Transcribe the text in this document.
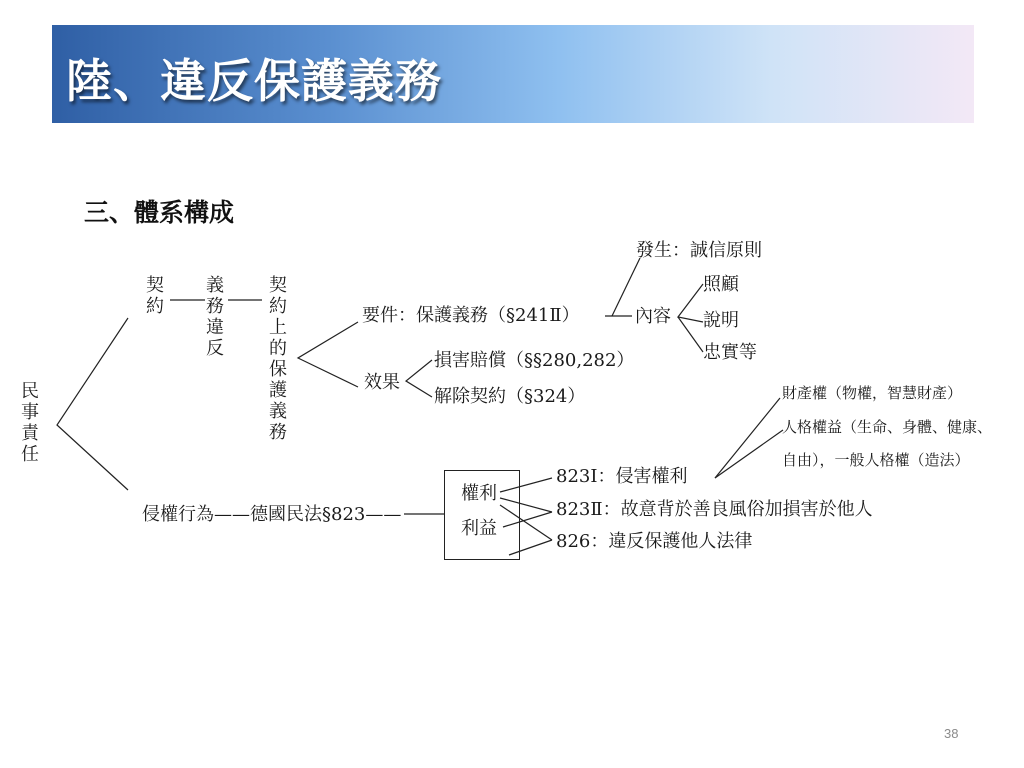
陸、違反保護義務
三、體系構成
民事責任
契約
義務違反
契約上的保護義務
要件：保護義務（§241Ⅱ）	內容
發生：誠信原則
照顧
說明
忠實等
效果
損害賠償（§§280,282）
解除契約（§324）
侵權行為——德國民法§823——
權利
利益
823Ⅰ：侵害權利
823Ⅱ：故意背於善良風俗加損害於他人
826：違反保護他人法律
財產權（物權，智慧財產）
人格權益（生命、身體、健康、
自由），一般人格權（造法）
38
